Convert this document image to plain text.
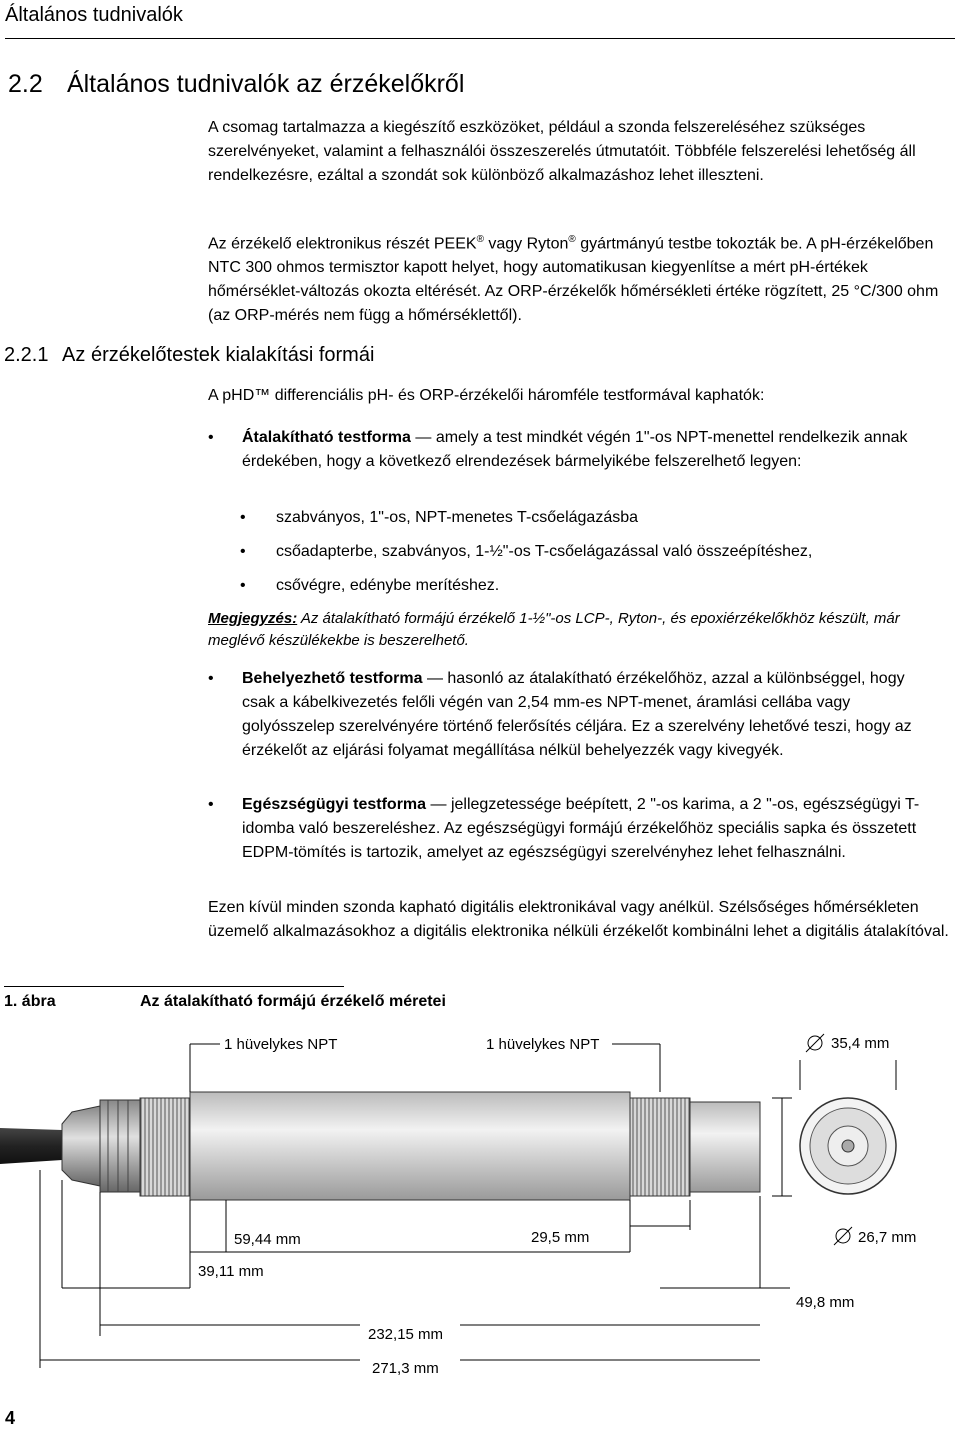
Általános tudnivalók
2.2 Általános tudnivalók az érzékelőkről
A csomag tartalmazza a kiegészítő eszközöket, például a szonda felszereléséhez szükséges szerelvényeket, valamint a felhasználói összeszerelés útmutatóit. Többféle felszerelési lehetőség áll rendelkezésre, ezáltal a szondát sok különböző alkalmazáshoz lehet illeszteni.
Az érzékelő elektronikus részét PEEK® vagy Ryton® gyártmányú testbe tokozták be. A pH-érzékelőben NTC 300 ohmos termisztor kapott helyet, hogy automatikusan kiegyenlítse a mért pH-értékek hőmérséklet-változás okozta eltérését. Az ORP-érzékelők hőmérsékleti értéke rögzített, 25 °C/300 ohm (az ORP-mérés nem függ a hőmérséklettől).
2.2.1 Az érzékelőtestek kialakítási formái
A pHD™ differenciális pH- és ORP-érzékelői háromféle testformával kaphatók:
• Átalakítható testforma — amely a test mindkét végén 1"-os NPT-menettel rendelkezik annak érdekében, hogy a következő elrendezések bármelyikébe felszerelhető legyen:
• szabványos, 1"-os, NPT-menetes T-csőelágazásba
• csőadapterbe, szabványos, 1-½"-os T-csőelágazással való összeépítéshez,
• csővégre, edénybe merítéshez.
Megjegyzés: Az átalakítható formájú érzékelő 1-½"-os LCP-, Ryton-, és epoxiérzékelőkhöz készült, már meglévő készülékekbe is beszerelhető.
• Behelyezhető testforma — hasonló az átalakítható érzékelőhöz, azzal a különbséggel, hogy csak a kábelkivezetés felőli végén van 2,54 mm-es NPT-menet, áramlási cellába vagy golyósszelep szerelvényére történő felerősítés céljára. Ez a szerelvény lehetővé teszi, hogy az érzékelőt az eljárási folyamat megállítása nélkül behelyezzék vagy kivegyék.
• Egészségügyi testforma — jellegzetessége beépített, 2 "-os karima, a 2 "-os, egészségügyi T-idomba való beszereléshez. Az egészségügyi formájú érzékelőhöz speciális sapka és összetett EDPM-tömítés is tartozik, amelyet az egészségügyi szerelvényhez lehet felhasználni.
Ezen kívül minden szonda kapható digitális elektronikával vagy anélkül. Szélsőséges hőmérsékleten üzemelő alkalmazásokhoz a digitális elektronika nélküli érzékelőt kombinálni lehet a digitális átalakítóval.
1. ábra	Az átalakítható formájú érzékelő méretei
1 hüvelykes NPT	1 hüvelykes NPT	35,4 mm
59,44 mm	29,5 mm	26,7 mm
39,11 mm
49,8 mm
232,15 mm
271,3 mm
4
